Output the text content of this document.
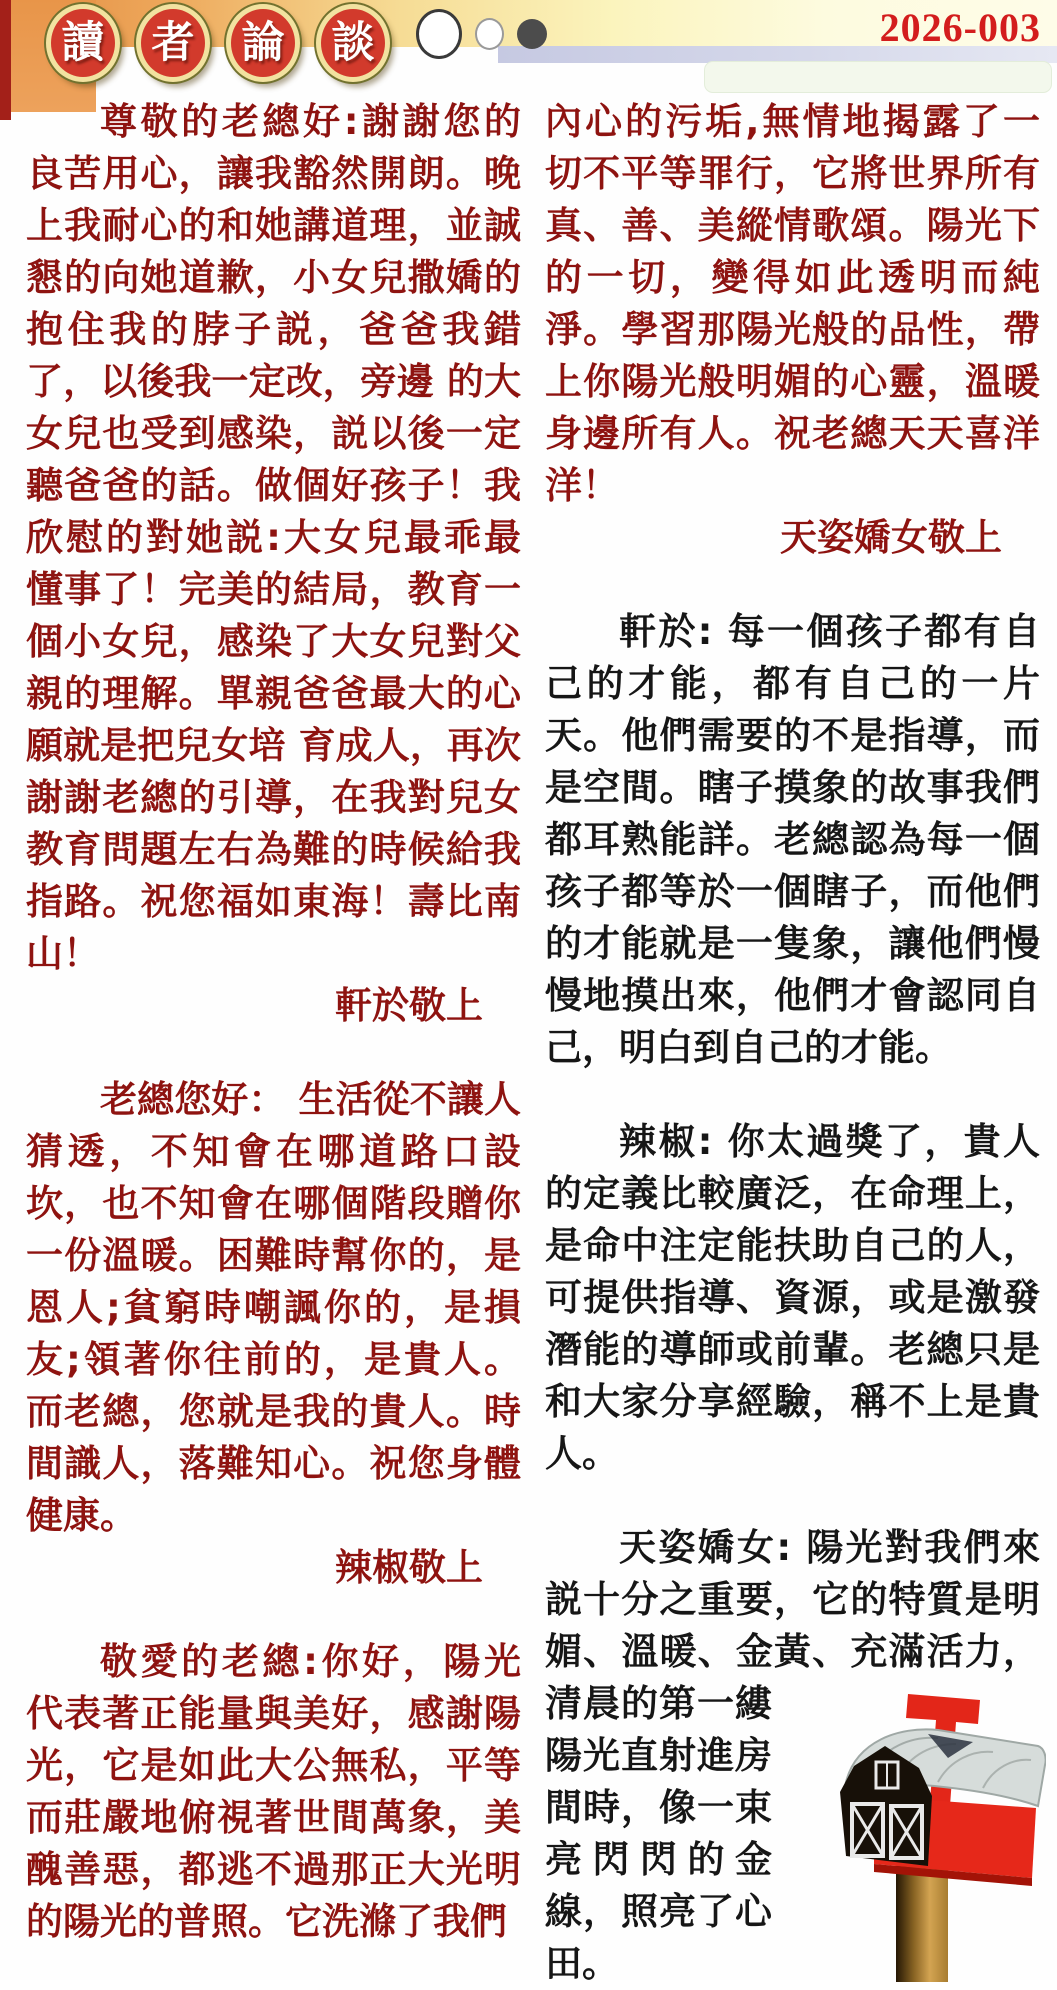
讀 者 論 談	2026-003

尊敬的老總好:謝謝您的良苦用心，讓我豁然開朗。晚上我耐心的和她講道理，並誠懇的向她道歉，小女兒撒嬌的抱住我的脖子説，爸爸我錯了，以後我一定改，旁邊 的大女兒也受到感染，説以後一定聽爸爸的話。做個好孩子！我欣慰的對她説:大女兒最乖最懂事了！完美的結局，教育一個小女兒，感染了大女兒對父親的理解。單親爸爸最大的心願就是把兒女培 育成人，再次謝謝老總的引導，在我對兒女教育問題左右為難的時候給我指路。祝您福如東海！壽比南山！

軒於敬上

老總您好： 生活從不讓人猜透，不知會在哪道路口設坎，也不知會在哪個階段贈你一份溫暖。困難時幫你的，是恩人;貧窮時嘲諷你的，是損友;領著你往前的，是貴人。而老總，您就是我的貴人。時間識人，落難知心。祝您身體健康。

辣椒敬上

敬愛的老總:你好，陽光代表著正能量與美好，感謝陽光，它是如此大公無私，平等而莊嚴地俯視著世間萬象，美醜善惡，都逃不過那正大光明的陽光的普照。它洗滌了我們

內心的污垢,無情地揭露了一切不平等罪行，它將世界所有真、善、美縱情歌頌。陽光下的一切，變得如此透明而純淨。學習那陽光般的品性，帶上你陽光般明媚的心靈，溫暖身邊所有人。祝老總天天喜洋洋！

天姿嬌女敬上

軒於: 每一個孩子都有自己的才能，都有自己的一片天。他們需要的不是指導，而是空間。瞎子摸象的故事我們都耳熟能詳。老總認為每一個孩子都等於一個瞎子，而他們的才能就是一隻象，讓他們慢慢地摸出來，他們才會認同自己，明白到自己的才能。

辣椒: 你太過獎了，貴人的定義比較廣泛，在命理上，是命中注定能扶助自己的人，可提供指導、資源，或是激發潛能的導師或前輩。老總只是和大家分享經驗，稱不上是貴人。

天姿嬌女: 陽光對我們來説十分之重要，它的特質是明媚、溫暖、金黃、充滿活力，清
晨的第一縷陽光直射進房間時，像一束亮閃閃的金線，照亮了心田。
